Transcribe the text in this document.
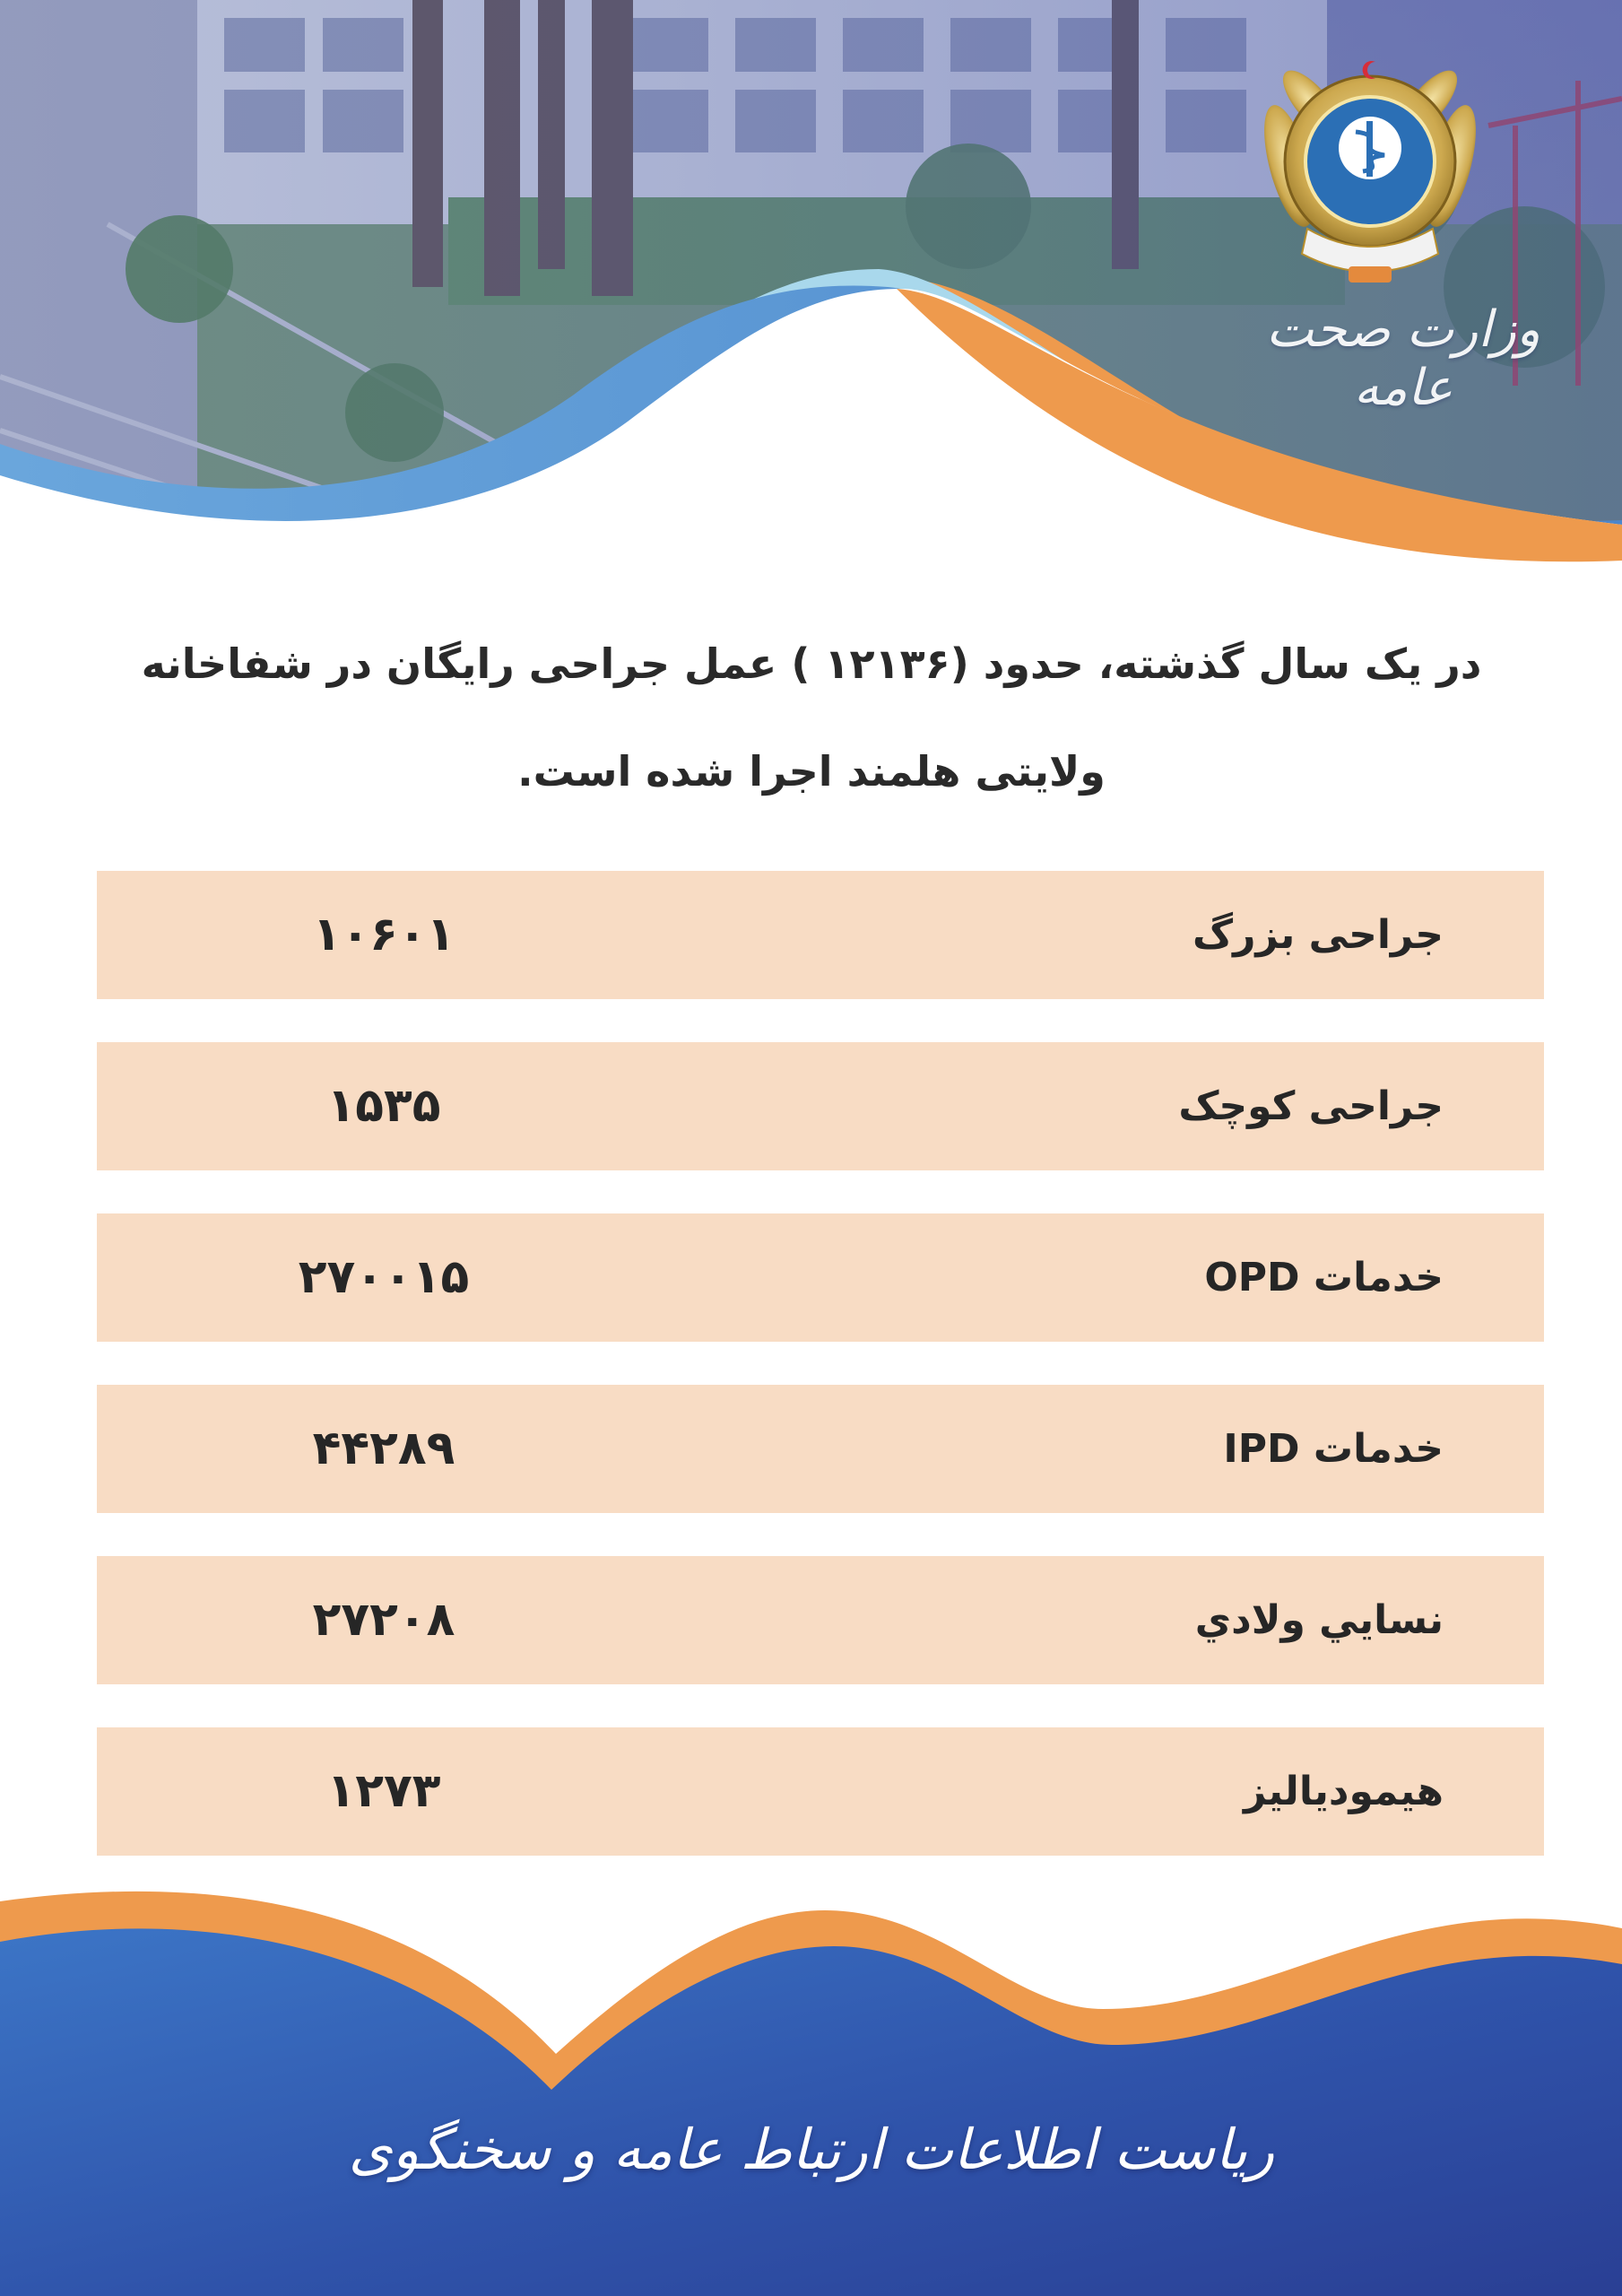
وزارت صحت عامه
در یک سال گذشته، حدود (۱۲۱۳۶ ) عمل جراحی رایگان در شفاخانه ولایتی هلمند اجرا شده است.
جراحی بزرگ
۱۰۶۰۱
جراحی کوچک
۱۵۳۵
خدمات OPD
۲۷۰۰۱۵
خدمات IPD
۴۴۲۸۹
نسايي ولادي
۲۷۲۰۸
هیمودیالیز
۱۲۷۳
ریاست اطلاعات ارتباط عامه و سخنگوی
